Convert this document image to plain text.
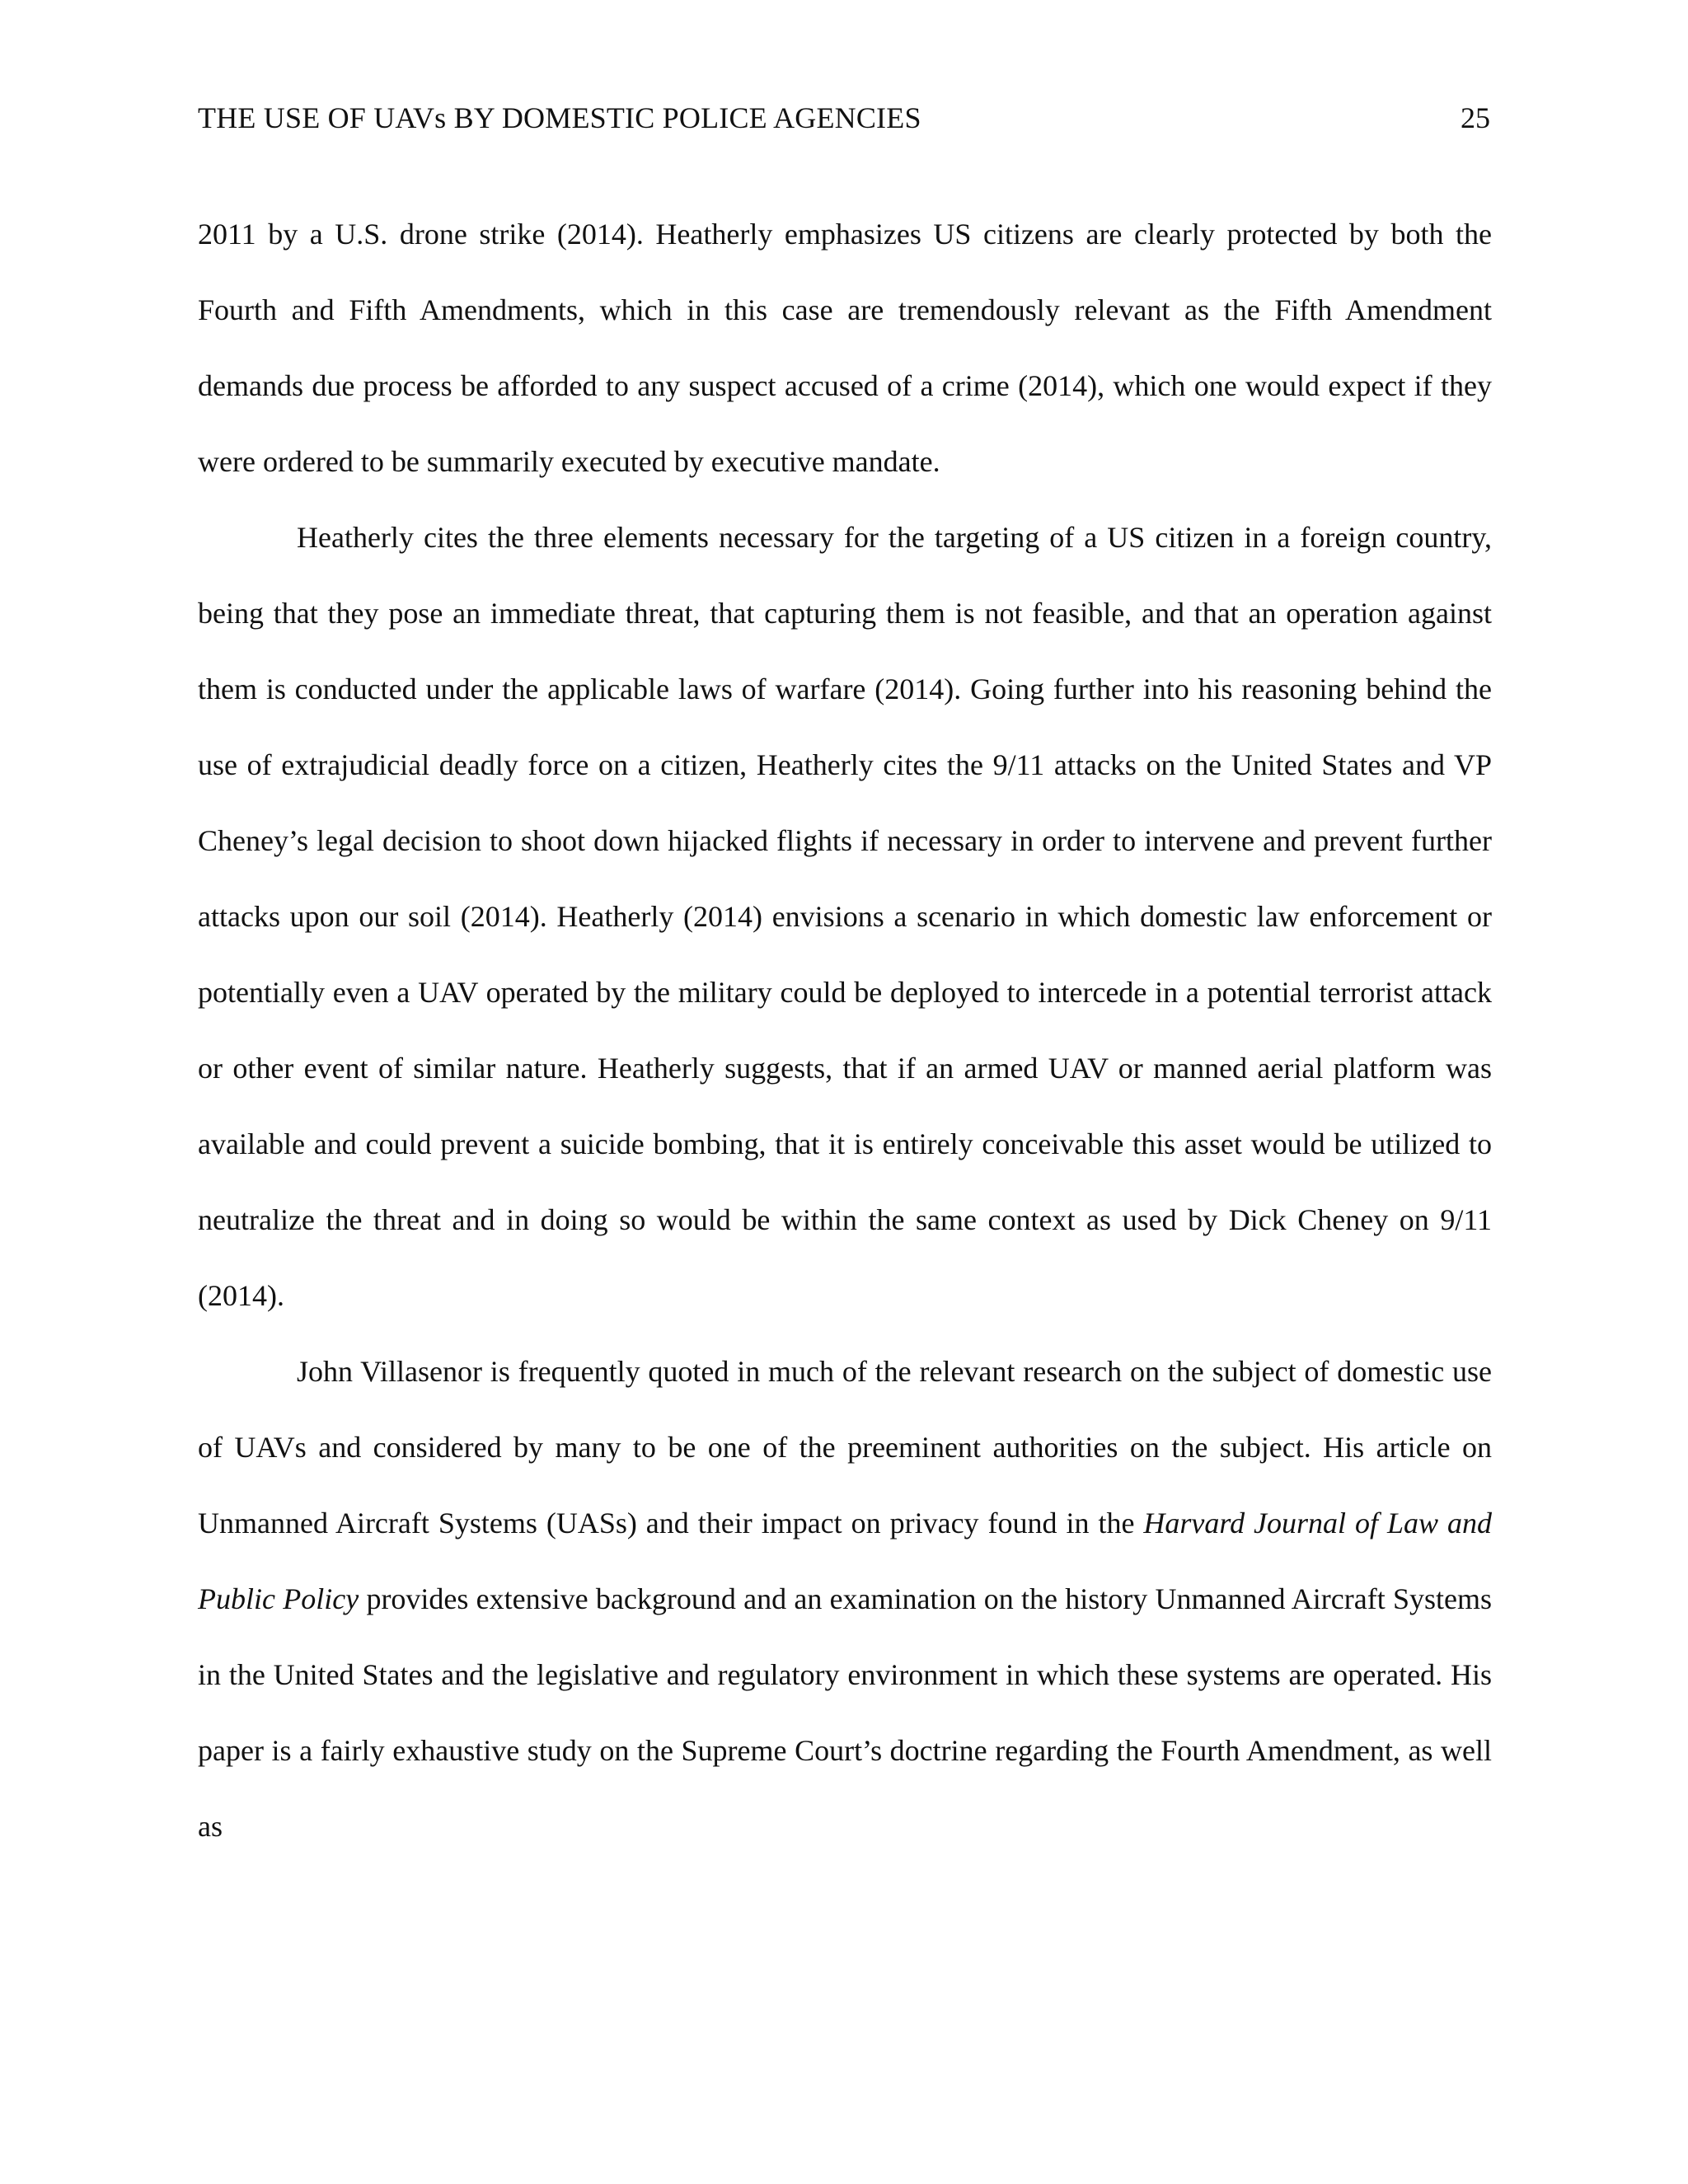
THE USE OF UAVs BY DOMESTIC POLICE AGENCIES	25

2011 by a U.S. drone strike (2014). Heatherly emphasizes US citizens are clearly protected by both the Fourth and Fifth Amendments, which in this case are tremendously relevant as the Fifth Amendment demands due process be afforded to any suspect accused of a crime (2014), which one would expect if they were ordered to be summarily executed by executive mandate.

Heatherly cites the three elements necessary for the targeting of a US citizen in a foreign country, being that they pose an immediate threat, that capturing them is not feasible, and that an operation against them is conducted under the applicable laws of warfare (2014). Going further into his reasoning behind the use of extrajudicial deadly force on a citizen, Heatherly cites the 9/11 attacks on the United States and VP Cheney’s legal decision to shoot down hijacked flights if necessary in order to intervene and prevent further attacks upon our soil (2014). Heatherly (2014) envisions a scenario in which domestic law enforcement or potentially even a UAV operated by the military could be deployed to intercede in a potential terrorist attack or other event of similar nature. Heatherly suggests, that if an armed UAV or manned aerial platform was available and could prevent a suicide bombing, that it is entirely conceivable this asset would be utilized to neutralize the threat and in doing so would be within the same context as used by Dick Cheney on 9/11 (2014).

John Villasenor is frequently quoted in much of the relevant research on the subject of domestic use of UAVs and considered by many to be one of the preeminent authorities on the subject. His article on Unmanned Aircraft Systems (UASs) and their impact on privacy found in the Harvard Journal of Law and Public Policy provides extensive background and an examination on the history Unmanned Aircraft Systems in the United States and the legislative and regulatory environment in which these systems are operated. His paper is a fairly exhaustive study on the Supreme Court’s doctrine regarding the Fourth Amendment, as well as
